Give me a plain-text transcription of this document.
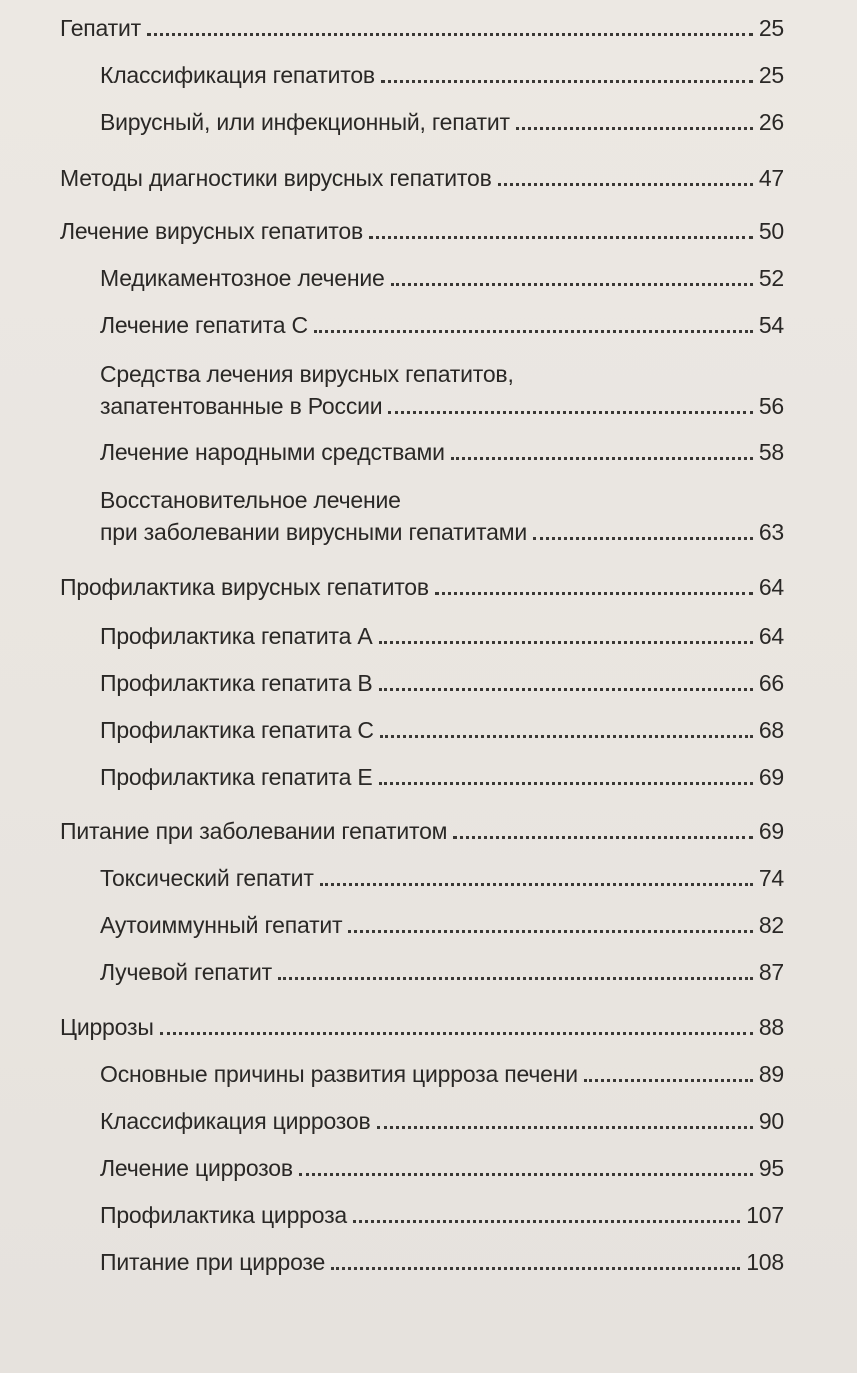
Гепатит	25
Классификация гепатитов	25
Вирусный, или инфекционный, гепатит	26
Методы диагностики вирусных гепатитов	47
Лечение вирусных гепатитов	50
Медикаментозное лечение	52
Лечение гепатита С	54
Средства лечения вирусных гепатитов,
запатентованные в России	56
Лечение народными средствами	58
Восстановительное лечение
при заболевании вирусными гепатитами	63
Профилактика вирусных гепатитов	64
Профилактика гепатита А	64
Профилактика гепатита В	66
Профилактика гепатита С	68
Профилактика гепатита Е	69
Питание при заболевании гепатитом	69
Токсический гепатит	74
Аутоиммунный гепатит	82
Лучевой гепатит	87
Циррозы	88
Основные причины развития цирроза печени	89
Классификация циррозов	90
Лечение циррозов	95
Профилактика цирроза	107
Питание при циррозе	108
